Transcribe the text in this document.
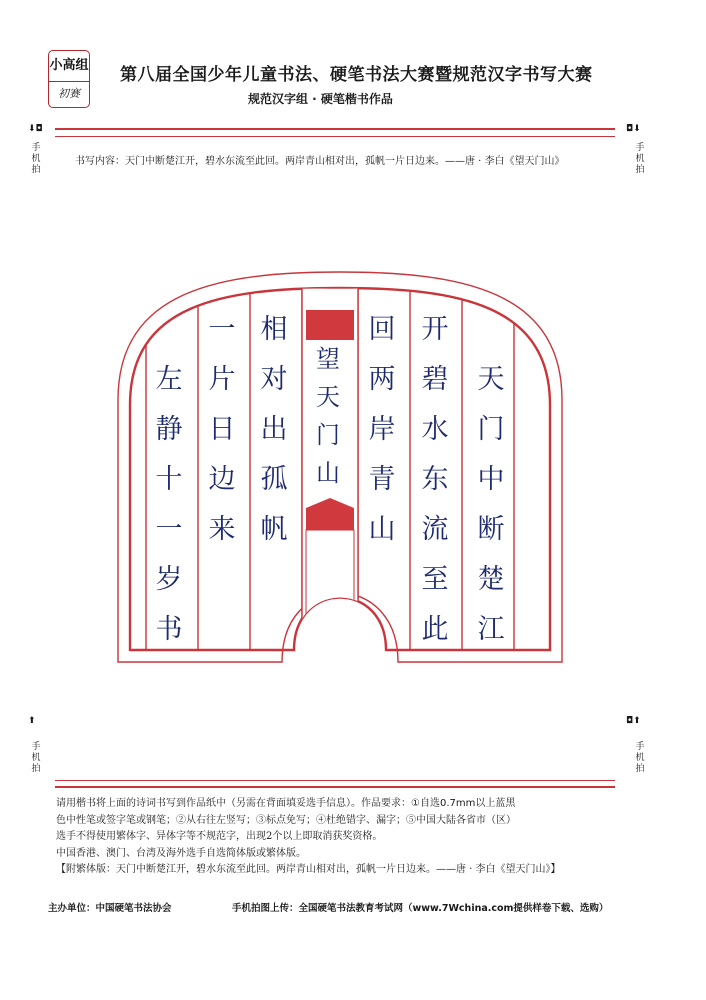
小高组
初赛
第八届全国少年儿童书法、硬笔书法大赛暨规范汉字书写大赛
规范汉字组 · 硬笔楷书作品
⬇◘	◘⬇
手机拍
手机拍
书写内容：天门中断楚江开，碧水东流至此回。两岸青山相对出，孤帆一片日边来。——唐 · 李白《望天门山》
天
门
中
断
楚
江
开
碧
水
东
流
至
此
回
两
岸
青
山
望
天
门
山
相
对
出
孤
帆
一
片
日
边
来
左
静
十
一
岁
书
⬆	◘⬆
手机拍
手机拍

请用楷书将上面的诗词书写到作品纸中（另需在背面填妥选手信息）。作品要求：①自选0.7mm以上蓝黑

色中性笔或签字笔或钢笔；②从右往左竖写；③标点免写；④杜绝错字、漏字；⑤中国大陆各省市（区）

选手不得使用繁体字、异体字等不规范字，出现2个以上即取消获奖资格。

中国香港、澳门、台湾及海外选手自选简体版或繁体版。

【附繁体版：天门中断楚江开，碧水东流至此回。两岸青山相对出，孤帆一片日边来。——唐 · 李白《望天门山》】

主办单位：中国硬笔书法协会	手机拍图上传：全国硬笔书法教育考试网（www.7Wchina.com提供样卷下载、选购）
